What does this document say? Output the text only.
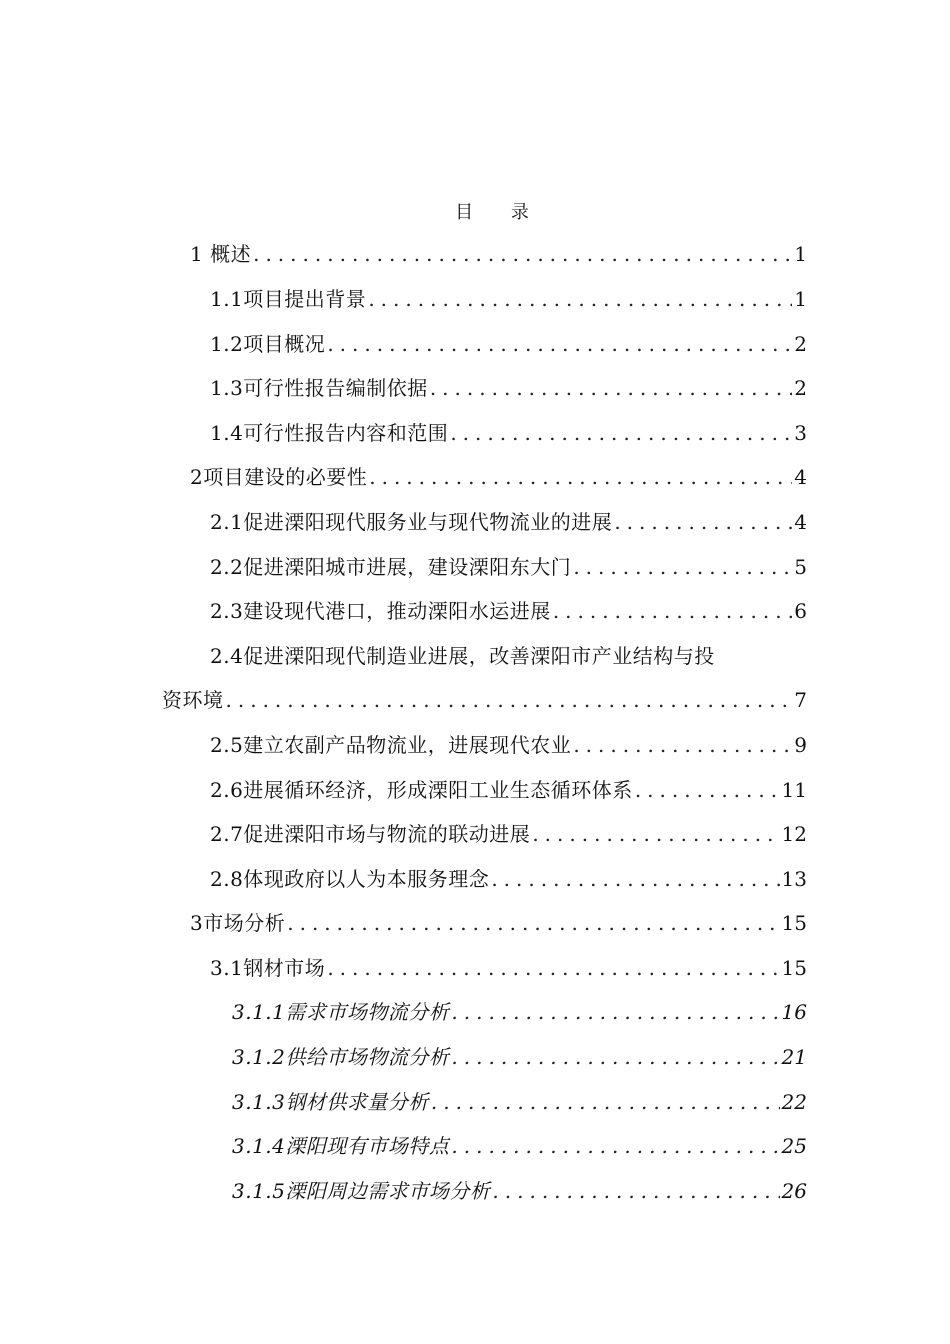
目 录
1 概述 .....	1
1.1项目提出背景 .....	1
1.2项目概况 .....	2
1.3可行性报告编制依据 .....	2
1.4可行性报告内容和范围 .....	3
2项目建设的必要性 .....	4
2.1促进溧阳现代服务业与现代物流业的进展 .....	4
2.2促进溧阳城市进展，建设溧阳东大门 .....	5
2.3建设现代港口，推动溧阳水运进展 .....	6
2.4促进溧阳现代制造业进展，改善溧阳市产业结构与投
资环境 .....	7
2.5建立农副产品物流业，进展现代农业 .....	9
2.6进展循环经济，形成溧阳工业生态循环体系 .....	11
2.7促进溧阳市场与物流的联动进展 .....	12
2.8体现政府以人为本服务理念 .....	13
3市场分析 .....	15
3.1钢材市场 .....	15
3.1.1需求市场物流分析 .....	16
3.1.2供给市场物流分析 .....	21
3.1.3钢材供求量分析 .....	22
3.1.4溧阳现有市场特点 .....	25
3.1.5溧阳周边需求市场分析 .....	26
